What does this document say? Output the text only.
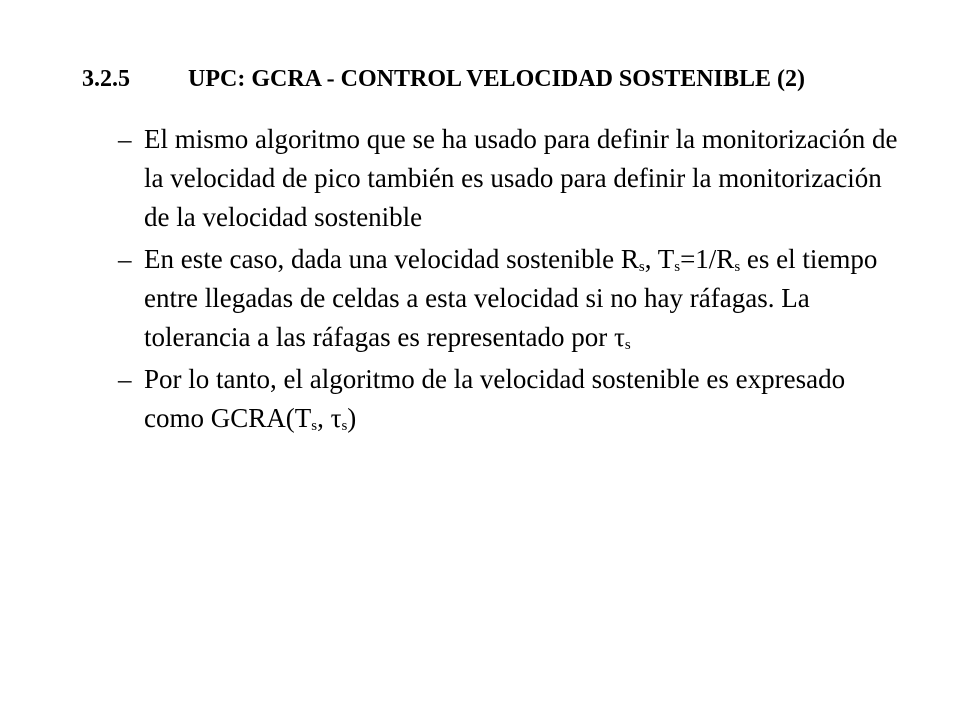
3.2.5 UPC: GCRA - CONTROL VELOCIDAD SOSTENIBLE (2)
– El mismo algoritmo que se ha usado para definir la monitorización de la velocidad de pico también es usado para definir la monitorización de la velocidad sostenible
– En este caso, dada una velocidad sostenible $R_s$, $T_s=1/R_s$ es el tiempo entre llegadas de celdas a esta velocidad si no hay ráfagas. La tolerancia a las ráfagas es representado por $\tau_s$
– Por lo tanto, el algoritmo de la velocidad sostenible es expresado como $GCRA(T_s$, $\tau_s$)
